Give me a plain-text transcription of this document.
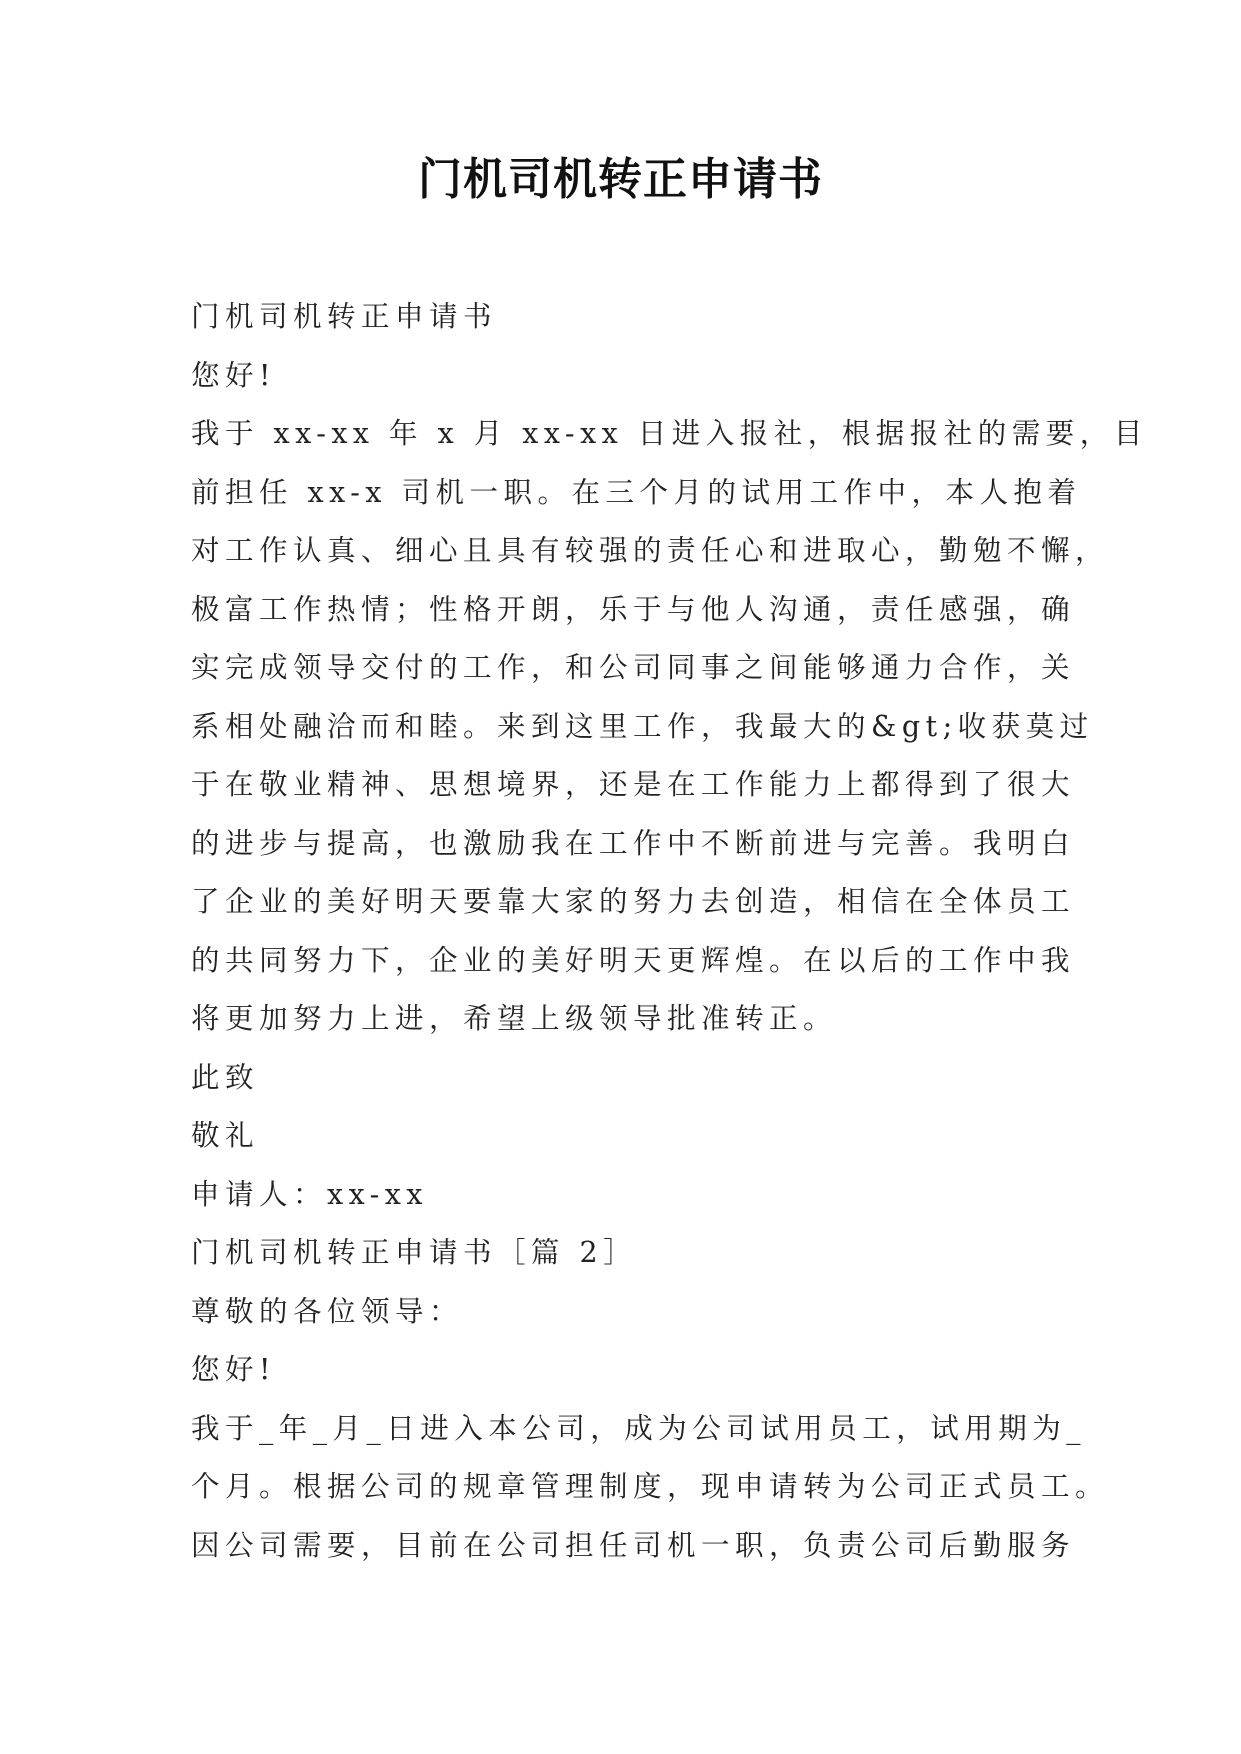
门机司机转正申请书
门机司机转正申请书
您好!
我于 xx-xx 年 x 月 xx-xx 日进入报社，根据报社的需要，目
前担任 xx-x 司机一职。在三个月的试用工作中，本人抱着
对工作认真、细心且具有较强的责任心和进取心，勤勉不懈，
极富工作热情；性格开朗，乐于与他人沟通，责任感强，确
实完成领导交付的工作，和公司同事之间能够通力合作，关
系相处融洽而和睦。来到这里工作，我最大的&gt;收获莫过
于在敬业精神、思想境界，还是在工作能力上都得到了很大
的进步与提高，也激励我在工作中不断前进与完善。我明白
了企业的美好明天要靠大家的努力去创造，相信在全体员工
的共同努力下，企业的美好明天更辉煌。在以后的工作中我
将更加努力上进，希望上级领导批准转正。
此致
敬礼
申请人：xx-xx
门机司机转正申请书［篇 2］
尊敬的各位领导：
您好!
我于_年_月_日进入本公司，成为公司试用员工，试用期为_
个月。根据公司的规章管理制度，现申请转为公司正式员工。
因公司需要，目前在公司担任司机一职，负责公司后勤服务
